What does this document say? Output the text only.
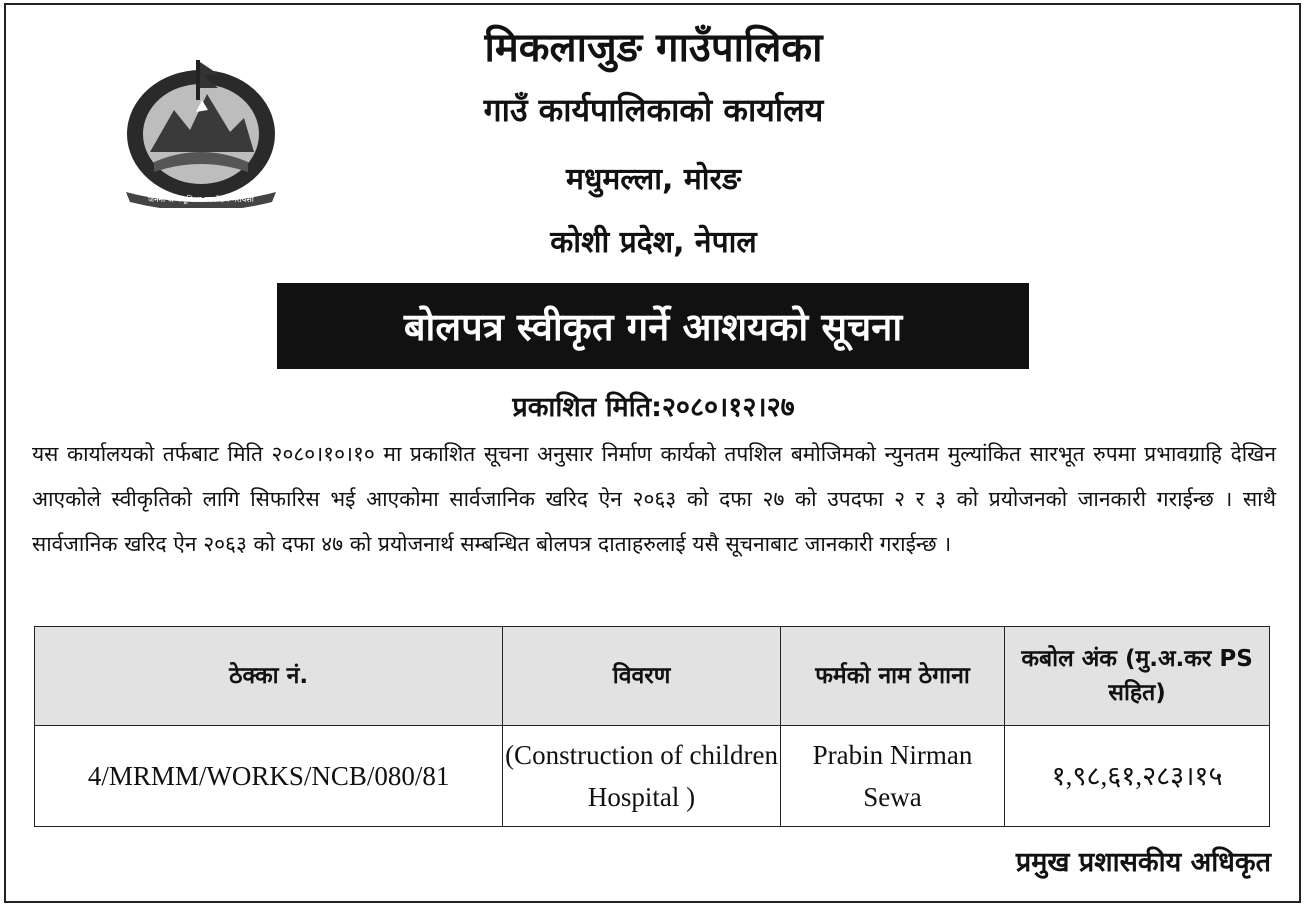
जननी जन्मभूमिश्च स्वर्गादपि गरीयसी
मिकलाजुङ गाउँपालिका
गाउँ कार्यपालिकाको कार्यालय
मधुमल्ला, मोरङ
कोशी प्रदेश, नेपाल
बोलपत्र स्वीकृत गर्ने आशयको सूचना
प्रकाशित मिति:२०८०।१२।२७
यस कार्यालयको तर्फबाट मिति २०८०।१०।१० मा प्रकाशित सूचना अनुसार निर्माण कार्यको तपशिल बमोजिमको न्युनतम मुल्यांकित सारभूत रुपमा प्रभावग्राहि देखिन आएकोले स्वीकृतिको लागि सिफारिस भई आएकोमा सार्वजानिक खरिद ऐन २०६३ को दफा २७ को उपदफा २ र ३ को प्रयोजनको जानकारी गराईन्छ । साथै सार्वजानिक खरिद ऐन २०६३ को दफा ४७ को प्रयोजनार्थ सम्बन्धित बोलपत्र दाताहरुलाई यसै सूचनाबाट जानकारी गराईन्छ ।
ठेक्का नं.	विवरण	फर्मको नाम ठेगाना	कबोल अंक (मु.अ.कर PS सहित)
4/MRMM/WORKS/NCB/080/81	(Construction of children Hospital )	Prabin Nirman Sewa	१,९८,६१,२८३।१५
प्रमुख प्रशासकीय अधिकृत
